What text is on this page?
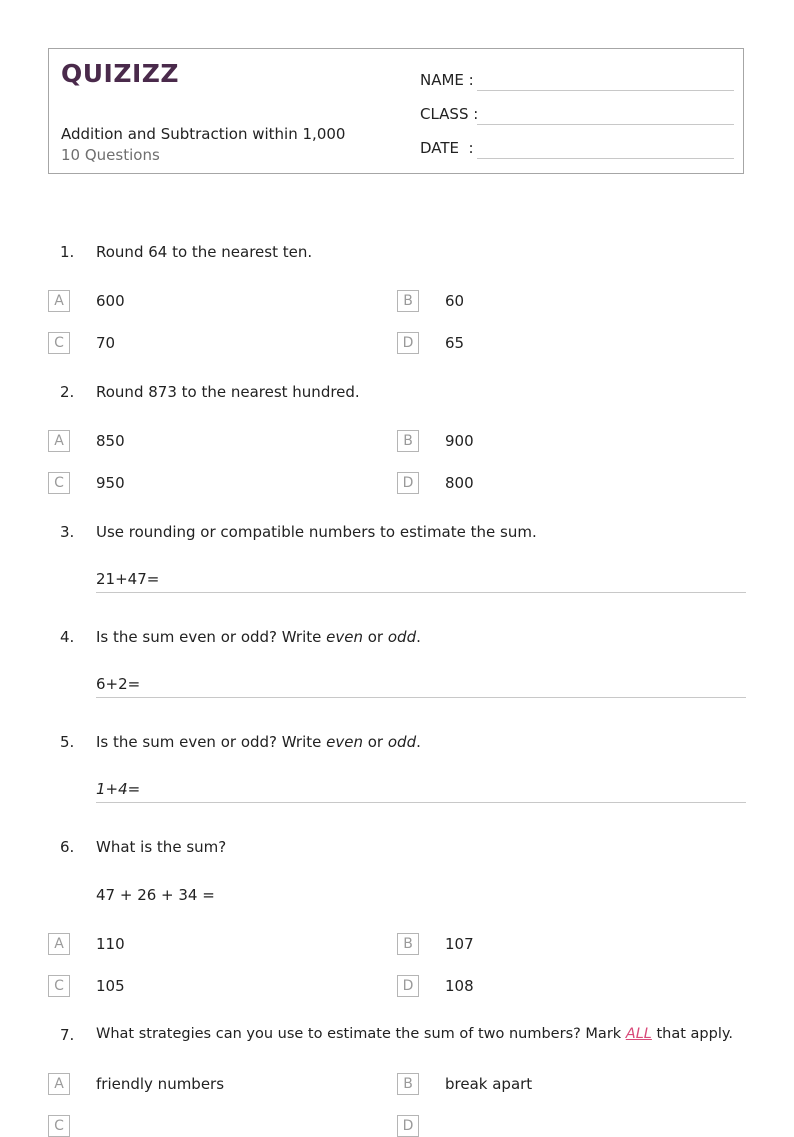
QUIZIZZ
Addition and Subtraction within 1,000
10 Questions
NAME :
CLASS :
DATE  :
1. Round 64 to the nearest ten.
A	600	B	60
C	70	D	65
2. Round 873 to the nearest hundred.
A	850	B	900
C	950	D	800
3. Use rounding or compatible numbers to estimate the sum.
21+47=
4. Is the sum even or odd? Write even or odd.
6+2=
5. Is the sum even or odd? Write even or odd.
1+4=
6. What is the sum?
47 + 26 + 34 =
A	110	B	107
C	105	D	108
7. What strategies can you use to estimate the sum of two numbers? Mark ALL that apply.
A	friendly numbers	B	break apart
C	D
